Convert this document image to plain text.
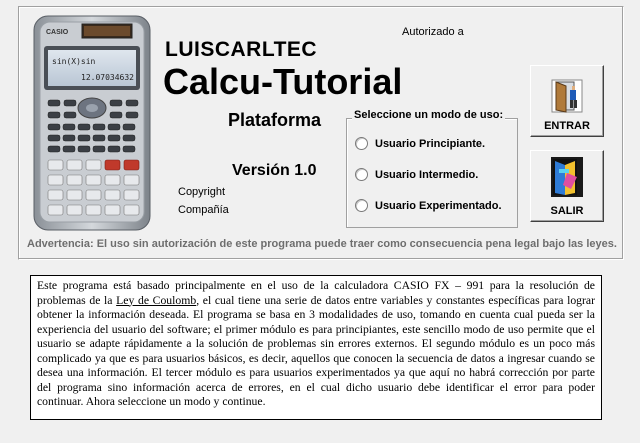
CASIO
sin(X)sin
12.07034632
Autorizado a
LUISCARLTEC
Calcu-Tutorial
Plataforma
Versión 1.0
Copyright
Compañía
Seleccione un modo de uso:
Usuario Principiante.
Usuario Intermedio.
Usuario Experimentado.
ENTRAR
SALIR
Advertencia: El uso sin autorización de este programa puede traer como consecuencia pena legal bajo las leyes.
Este programa está basado principalmente en el uso de la calculadora CASIO FX – 991 para la resolución de problemas de la Ley de Coulomb, el cual tiene una serie de datos entre variables y constantes específicas para lograr obtener la información deseada. El programa se basa en 3 modalidades de uso, tomando en cuenta cual pueda ser la experiencia del usuario del software; el primer módulo es para principiantes, este sencillo modo de uso permite que el usuario se adapte rápidamente a la solución de problemas sin errores externos. El segundo módulo es un poco más complicado ya que es para usuarios básicos, es decir, aquellos que conocen la secuencia de datos a ingresar cuando se desea una información. El tercer módulo es para usuarios experimentados ya que aquí no habrá corrección por parte del programa sino información acerca de errores, en el cual dicho usuario debe identificar el error para poder continuar. Ahora seleccione un modo y continue.
